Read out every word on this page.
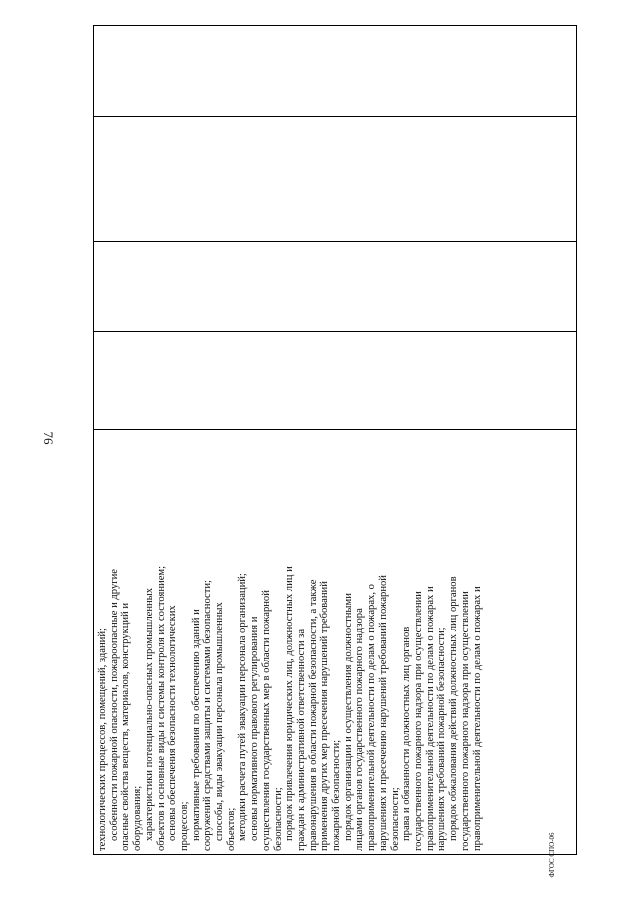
76
технологических процессов, помещений, зданий; особенности пожарной опасности, пожароопасные и другие опасные свойства веществ, материалов, конструкций и оборудования; характеристики потенциально-опасных промышленных объектов и основные виды и системы контроля их состоянием; основы обеспечения безопасности технологических процессов; нормативные требования по обеспечению зданий и сооружений средствами защиты и системами безопасности; способы, виды эвакуации персонала промышленных объектов; методики расчета путей эвакуации персонала организаций; основы нормативного правового регулирования и осуществления государственных мер в области пожарной безопасности; порядок привлечения юридических лиц, должностных лиц и граждан к административной ответственности за правонарушения в области пожарной безопасности, а также применения других мер пресечения нарушений требований пожарной безопасности; порядок организации и осуществления должностными лицами органов государственного пожарного надзора правоприменительной деятельности по делам о пожарах, о нарушениях и пресечению нарушений требований пожарной безопасности; права и обязанности должностных лиц органов государственного пожарного надзора при осуществлении правоприменительной деятельности по делам о пожарах и нарушениях требований пожарной безопасности; порядок обжалования действий должностных лиц органов государственного пожарного надзора при осуществлении правоприменительной деятельности по делам о пожарах и
ФГОС СПО-06
